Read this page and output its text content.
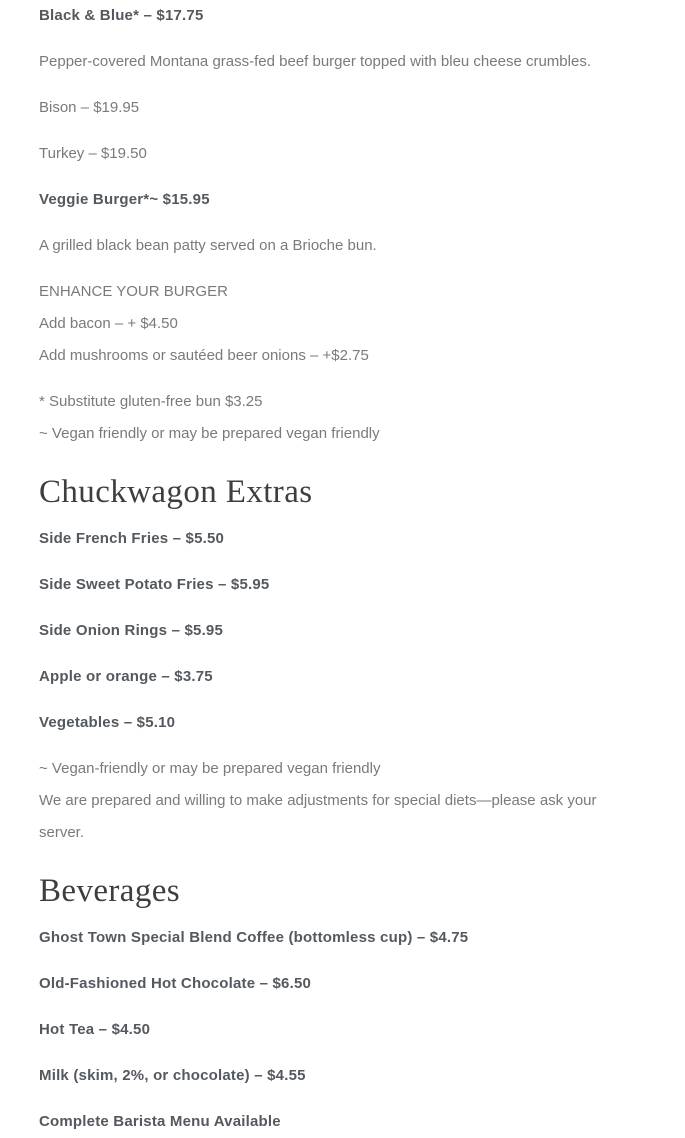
Black & Blue* – $17.75

Pepper-covered Montana grass-fed beef burger topped with bleu cheese crumbles.

Bison – $19.95

Turkey – $19.50

Veggie Burger*~ $15.95

A grilled black bean patty served on a Brioche bun.

ENHANCE YOUR BURGER
Add bacon – + $4.50
Add mushrooms or sautéed beer onions – +$2.75

* Substitute gluten-free bun $3.25
~ Vegan friendly or may be prepared vegan friendly

Chuckwagon Extras

Side French Fries – $5.50

Side Sweet Potato Fries – $5.95

Side Onion Rings – $5.95

Apple or orange – $3.75

Vegetables – $5.10

~ Vegan-friendly or may be prepared vegan friendly
We are prepared and willing to make adjustments for special diets—please ask your server.

Beverages

Ghost Town Special Blend Coffee (bottomless cup) – $4.75

Old-Fashioned Hot Chocolate – $6.50

Hot Tea – $4.50

Milk (skim, 2%, or chocolate) – $4.55

Complete Barista Menu Available
